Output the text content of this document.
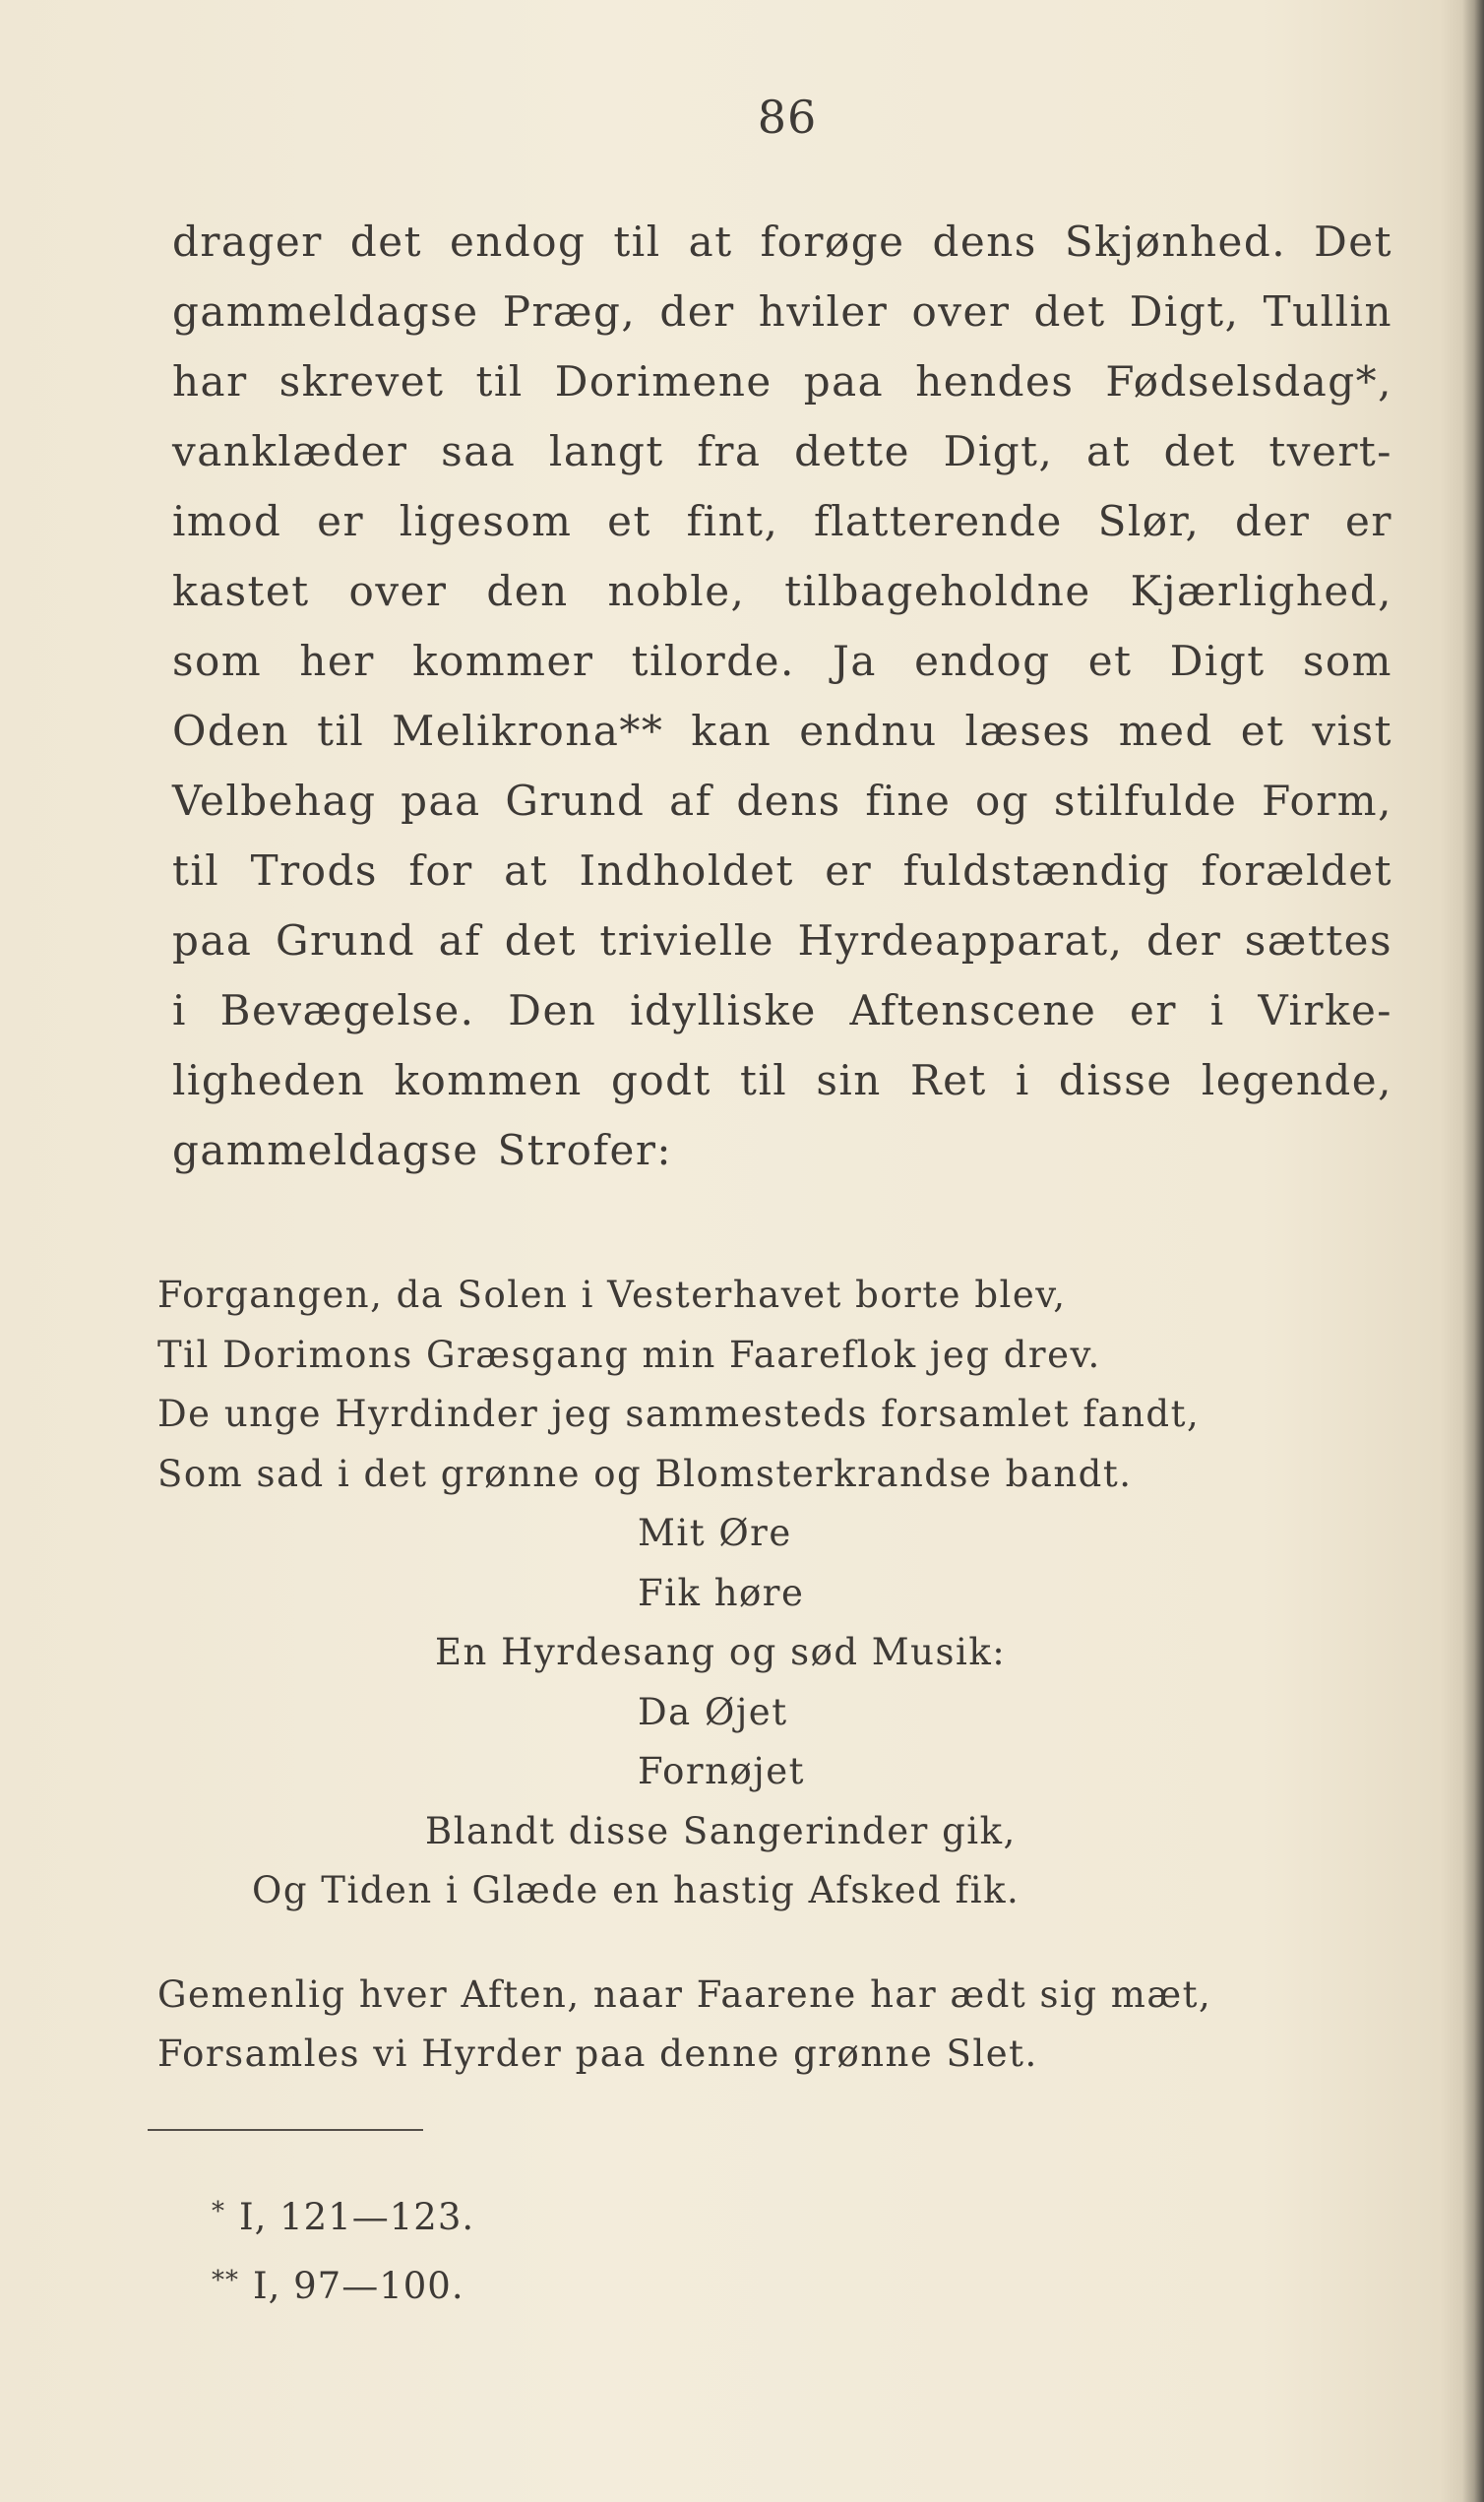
86
drager det endog til at forøge dens Skjønhed. Det
gammeldagse Præg, der hviler over det Digt, Tullin
har skrevet til Dorimene paa hendes Fødselsdag*,
vanklæder saa langt fra dette Digt, at det tvert-
imod er ligesom et fint, flatterende Slør, der er
kastet over den noble, tilbageholdne Kjærlighed,
som her kommer tilorde. Ja endog et Digt som
Oden til Melikrona** kan endnu læses med et vist
Velbehag paa Grund af dens fine og stilfulde Form,
til Trods for at Indholdet er fuldstændig forældet
paa Grund af det trivielle Hyrdeapparat, der sættes
i Bevægelse. Den idylliske Aftenscene er i Virke-
ligheden kommen godt til sin Ret i disse legende,
gammeldagse Strofer:
Forgangen, da Solen i Vesterhavet borte blev,
Til Dorimons Græsgang min Faareflok jeg drev.
De unge Hyrdinder jeg sammesteds forsamlet fandt,
Som sad i det grønne og Blomsterkrandse bandt.
Mit Øre
Fik høre
En Hyrdesang og sød Musik:
Da Øjet
Fornøjet
Blandt disse Sangerinder gik,
Og Tiden i Glæde en hastig Afsked fik.
Gemenlig hver Aften, naar Faarene har ædt sig mæt,
Forsamles vi Hyrder paa denne grønne Slet.
* I, 121—123.
** I, 97—100.
